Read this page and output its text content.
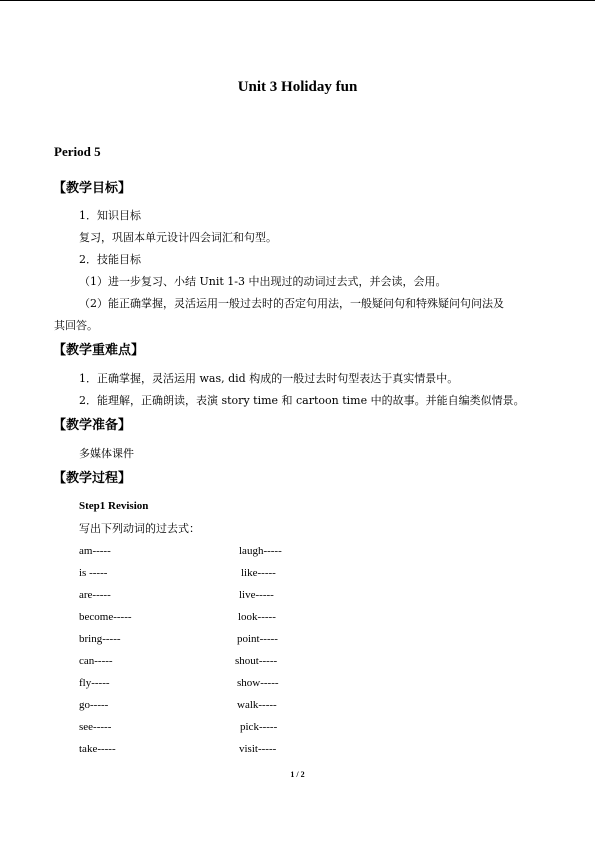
Unit 3 Holiday fun
Period 5
【教学目标】
1．知识目标
复习，巩固本单元设计四会词汇和句型。
2．技能目标
（1）进一步复习、小结 Unit 1-3 中出现过的动词过去式，并会读，会用。
（2）能正确掌握，灵活运用一般过去时的否定句用法，一般疑问句和特殊疑问句问法及
其回答。
【教学重难点】
1．正确掌握，灵活运用 was, did 构成的一般过去时句型表达于真实情景中。
2．能理解，正确朗读，表演 story time 和 cartoon time 中的故事。并能自编类似情景。
【教学准备】
多媒体课件
【教学过程】
Step1 Revision
写出下列动词的过去式：
am-----
is -----
are-----
become-----
bring-----
can-----
fly-----
go-----
see-----
take-----
laugh-----
like-----
live-----
look-----
point-----
shout-----
show-----
walk-----
pick-----
visit-----
1 / 2
